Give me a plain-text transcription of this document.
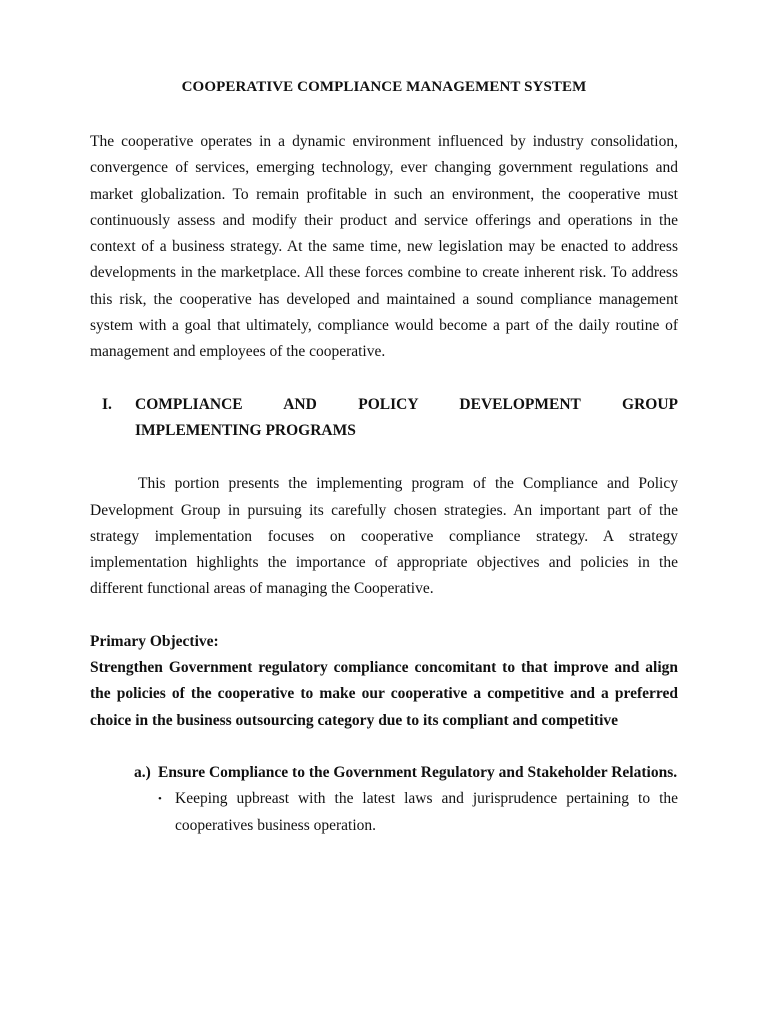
COOPERATIVE COMPLIANCE MANAGEMENT SYSTEM

The cooperative operates in a dynamic environment influenced by industry consolidation, convergence of services, emerging technology, ever changing government regulations and market globalization. To remain profitable in such an environment, the cooperative must continuously assess and modify their product and service offerings and operations in the context of a business strategy. At the same time, new legislation may be enacted to address developments in the marketplace. All these forces combine to create inherent risk. To address this risk, the cooperative has developed and maintained a sound compliance management system with a goal that ultimately, compliance would become a part of the daily routine of management and employees of the cooperative.

I.	COMPLIANCE AND POLICY DEVELOPMENT GROUP
IMPLEMENTING PROGRAMS

This portion presents the implementing program of the Compliance and Policy Development Group in pursuing its carefully chosen strategies. An important part of the strategy implementation focuses on cooperative compliance strategy. A strategy implementation highlights the importance of appropriate objectives and policies in the different functional areas of managing the Cooperative.

Primary Objective:

Strengthen Government regulatory compliance concomitant to that improve and align the policies of the cooperative to make our cooperative a competitive and a preferred choice in the business outsourcing category due to its compliant and competitive

a.) Ensure Compliance to the Government Regulatory and Stakeholder Relations.
• Keeping upbreast with the latest laws and jurisprudence pertaining to the cooperatives business operation.
